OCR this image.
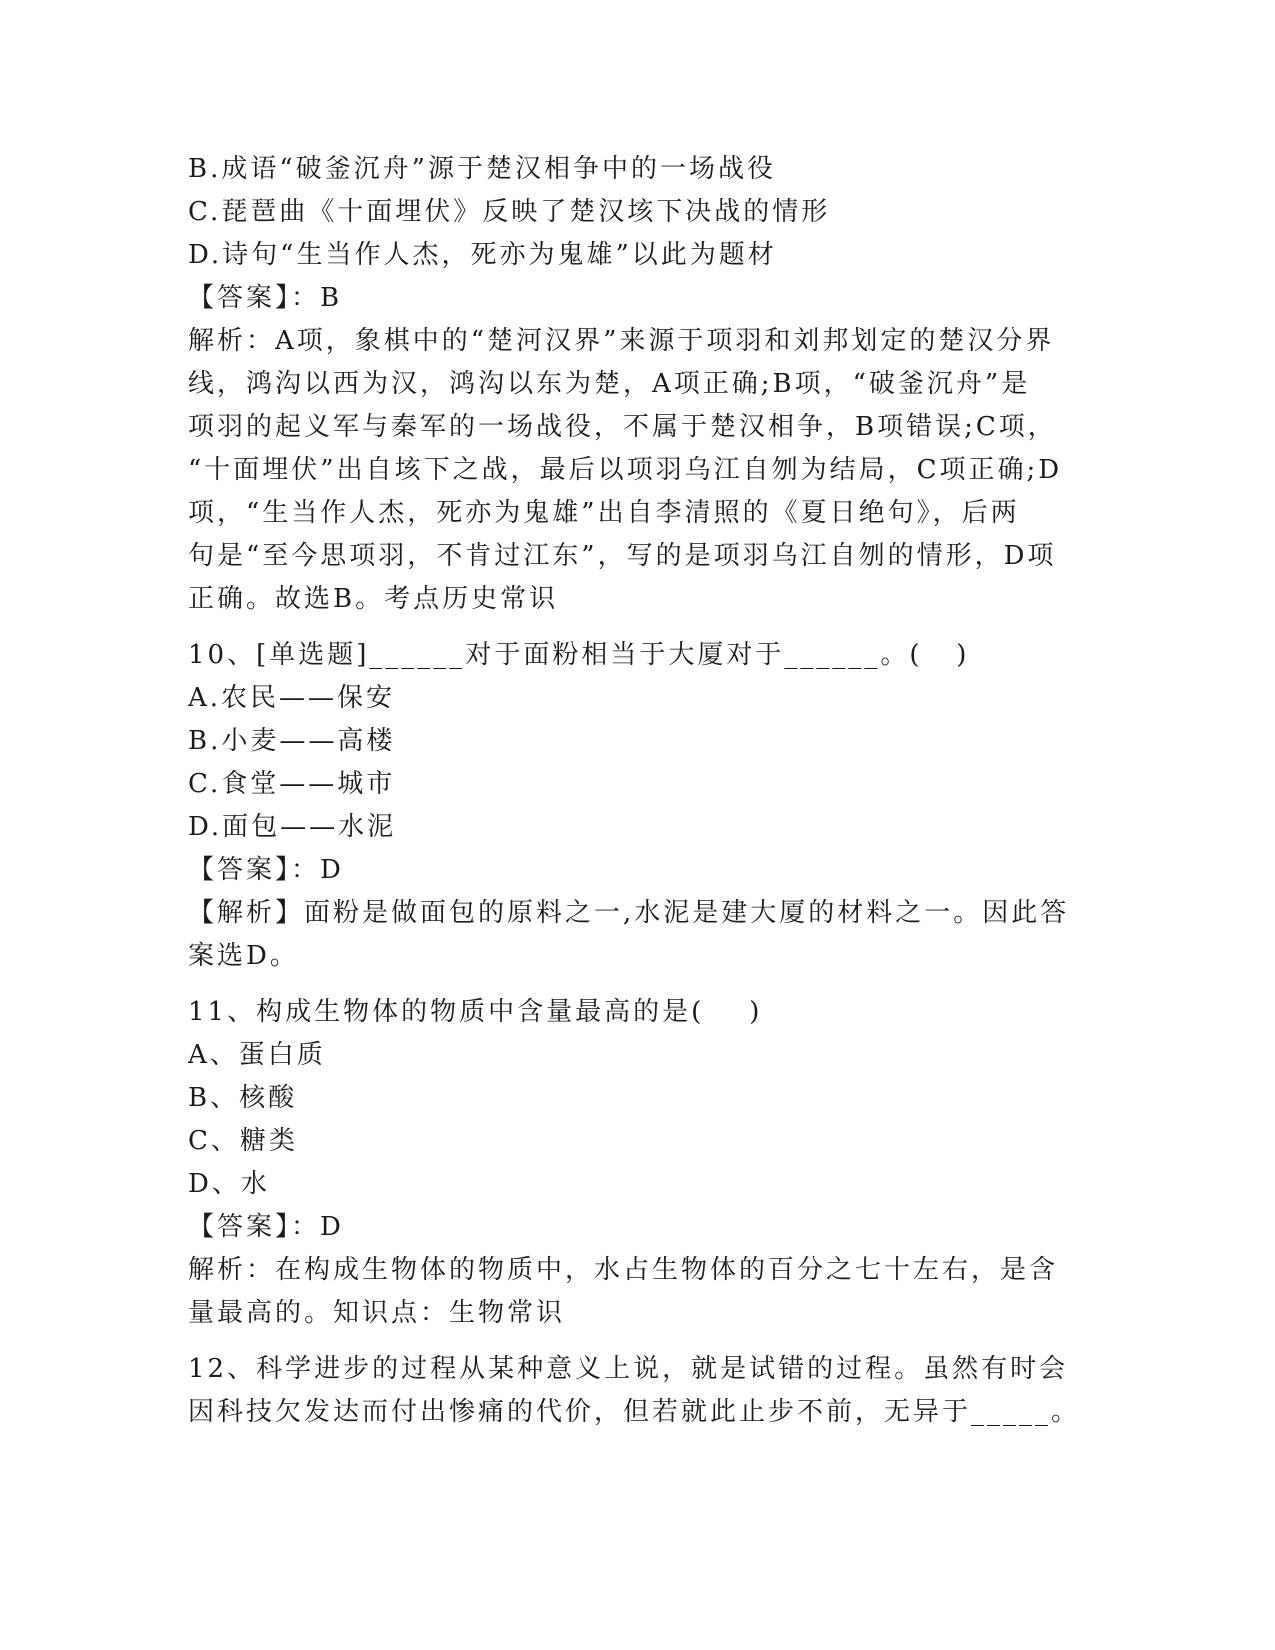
B.成语“破釜沉舟”源于楚汉相争中的一场战役
C.琵琶曲《十面埋伏》反映了楚汉垓下决战的情形
D.诗句“生当作人杰，死亦为鬼雄”以此为题材
【答案】：B
解析：A项，象棋中的“楚河汉界”来源于项羽和刘邦划定的楚汉分界
线，鸿沟以西为汉，鸿沟以东为楚，A项正确;B项，“破釜沉舟”是
项羽的起义军与秦军的一场战役，不属于楚汉相争，B项错误;C项，
“十面埋伏”出自垓下之战，最后以项羽乌江自刎为结局，C项正确;D
项，“生当作人杰，死亦为鬼雄”出自李清照的《夏日绝句》，后两
句是“至今思项羽，不肯过江东”，写的是项羽乌江自刎的情形，D项
正确。故选B。考点历史常识
10、[单选题]______对于面粉相当于大厦对于______。(   )
A.农民——保安
B.小麦——高楼
C.食堂——城市
D.面包——水泥
【答案】：D
【解析】面粉是做面包的原料之一,水泥是建大厦的材料之一。因此答
案选D。
11、构成生物体的物质中含量最高的是(    )
A、蛋白质
B、核酸
C、糖类
D、水
【答案】：D
解析：在构成生物体的物质中，水占生物体的百分之七十左右，是含
量最高的。知识点：生物常识
12、科学进步的过程从某种意义上说，就是试错的过程。虽然有时会
因科技欠发达而付出惨痛的代价，但若就此止步不前，无异于_____。
